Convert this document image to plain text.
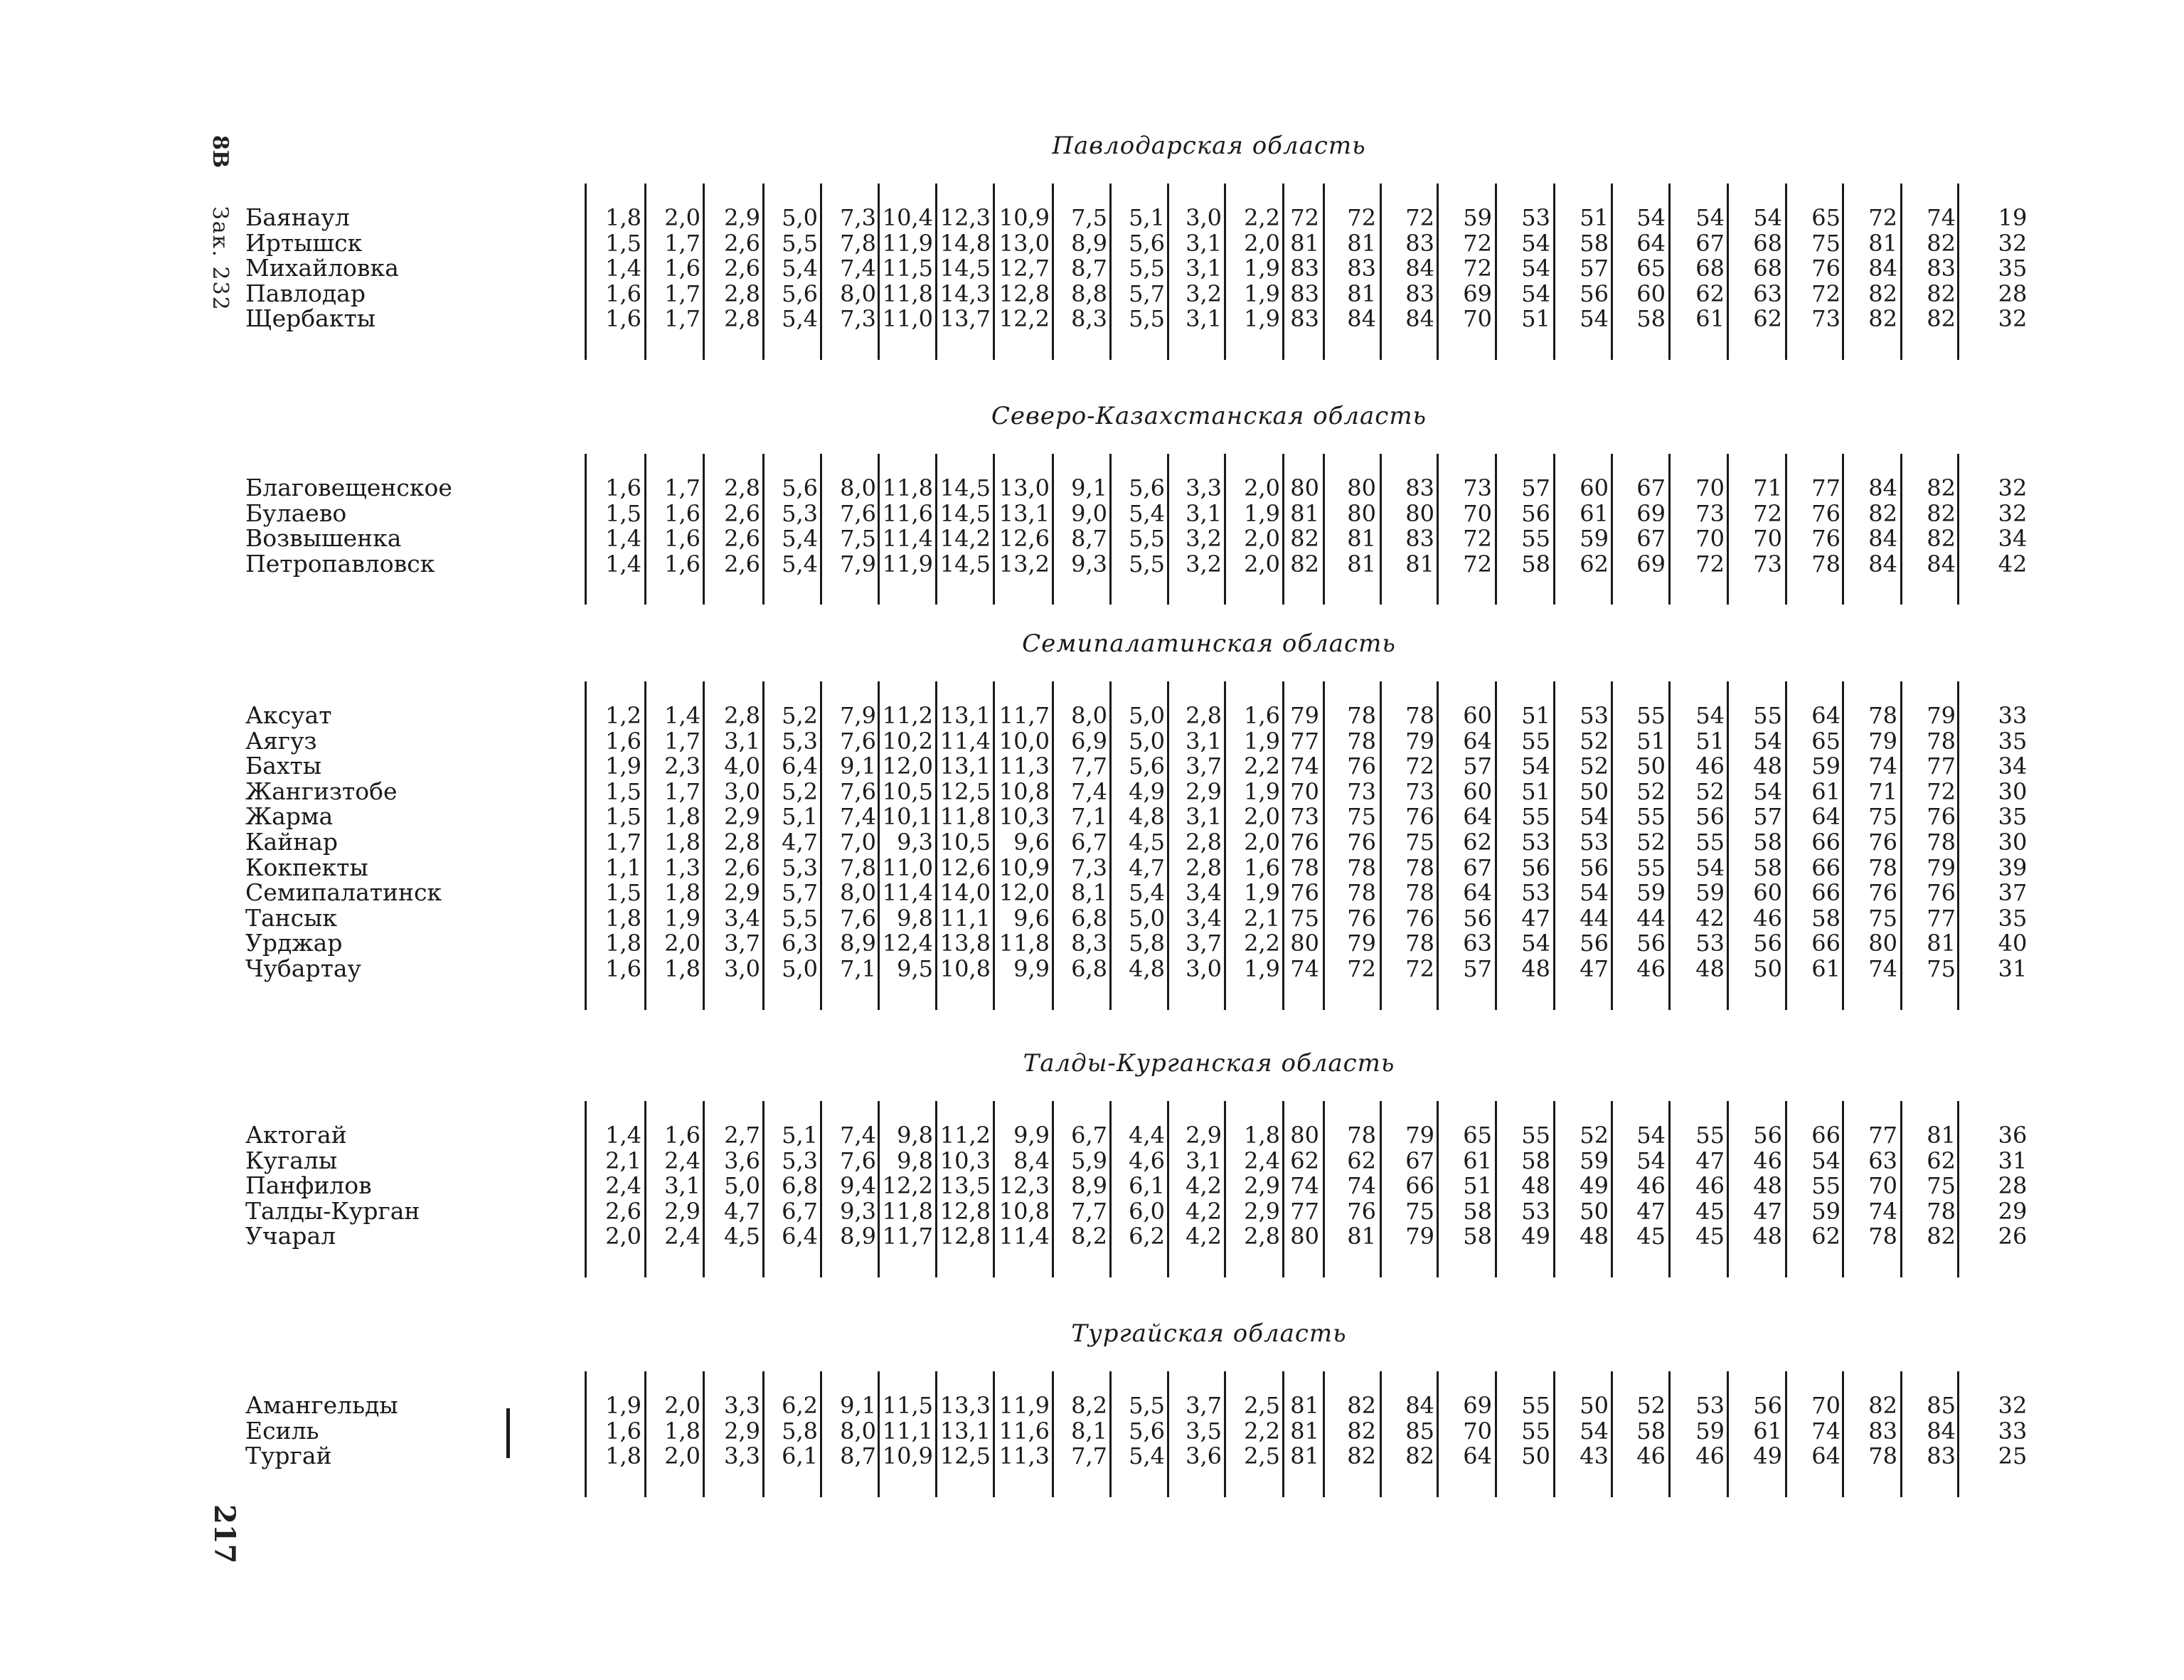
8В
Зак. 232
217
Павлодарская область
Баянаул	1,8	2,0	2,9 5,0 7,3 10,4 12,3 10,9 7,5 5,1 3,0 2,2 72	72	72	59	53	51	54	54	54	65	72	74	19
Иртышск	1,5	1,7	2,6 5,5 7,8 11,9 14,8 13,0 8,9 5,6 3,1 2,0 81	81	83	72	54	58	64	67	68	75	81	82	32
Михайловка	1,4	1,6	2,6 5,4 7,4 11,5 14,5 12,7 8,7 5,5 3,1 1,9 83	83	84	72	54	57	65	68	68	76	84	83	35
Павлодар	1,6	1,7	2,8 5,6 8,0 11,8 14,3 12,8 8,8 5,7 3,2 1,9 83	81	83	69	54	56	60	62	63	72	82	82	28
Щербакты	1,6	1,7	2,8 5,4 7,3 11,0 13,7 12,2 8,3 5,5 3,1 1,9 83	84	84	70	51	54	58	61	62	73	82	82	32
Северо-Казахстанская область
Благовещенское	1,6	1,7	2,8 5,6 8,0 11,8 14,5 13,0 9,1 5,6 3,3 2,0 80	80	83	73	57	60	67	70	71	77	84	82	32
Булаево	1,5	1,6	2,6 5,3 7,6 11,6 14,5 13,1 9,0 5,4 3,1 1,9 81	80	80	70	56	61	69	73	72	76	82	82	32
Возвышенка	1,4	1,6	2,6 5,4 7,5 11,4 14,2 12,6 8,7 5,5 3,2 2,0 82	81	83	72	55	59	67	70	70	76	84	82	34
Петропавловск	1,4	1,6	2,6 5,4 7,9 11,9 14,5 13,2 9,3 5,5 3,2 2,0 82	81	81	72	58	62	69	72	73	78	84	84	42
Семипалатинская область
Аксуат	1,2	1,4	2,8 5,2 7,9 11,2 13,1 11,7 8,0 5,0 2,8 1,6 79	78	78	60	51	53	55	54	55	64	78	79	33
Аягуз	1,6	1,7	3,1 5,3 7,6 10,2 11,4 10,0 6,9 5,0 3,1 1,9 77	78	79	64	55	52	51	51	54	65	79	78	35
Бахты	1,9	2,3	4,0 6,4 9,1 12,0 13,1 11,3 7,7 5,6 3,7 2,2 74	76	72	57	54	52	50	46	48	59	74	77	34
Жангизтобе	1,5	1,7	3,0 5,2 7,6 10,5 12,5 10,8 7,4 4,9 2,9 1,9 70	73	73	60	51	50	52	52	54	61	71	72	30
Жарма	1,5	1,8	2,9 5,1 7,4 10,1 11,8 10,3 7,1 4,8 3,1 2,0 73	75	76	64	55	54	55	56	57	64	75	76	35
Кайнар	1,7	1,8	2,8 4,7 7,0 9,3 10,5	9,6 6,7 4,5 2,8 2,0 76	76	75	62	53	53	52	55	58	66	76	78	30
Кокпекты	1,1	1,3	2,6 5,3 7,8 11,0 12,6 10,9 7,3 4,7 2,8 1,6 78	78	78	67	56	56	55	54	58	66	78	79	39
Семипалатинск	1,5	1,8	2,9 5,7 8,0 11,4 14,0 12,0 8,1 5,4 3,4 1,9 76	78	78	64	53	54	59	59	60	66	76	76	37
Тансык	1,8	1,9	3,4 5,5 7,6 9,8 11,1	9,6 6,8 5,0 3,4 2,1 75	76	76	56	47	44	44	42	46	58	75	77	35
Урджар	1,8	2,0	3,7 6,3 8,9 12,4 13,8 11,8 8,3 5,8 3,7 2,2 80	79	78	63	54	56	56	53	56	66	80	81	40
Чубартау	1,6	1,8	3,0 5,0 7,1 9,5 10,8	9,9 6,8 4,8 3,0 1,9 74	72	72	57	48	47	46	48	50	61	74	75	31
Талды-Курганская область
Актогай	1,4	1,6	2,7 5,1 7,4 9,8 11,2	9,9 6,7 4,4 2,9 1,8 80	78	79	65	55	52	54	55	56	66	77	81	36
Кугалы	2,1	2,4	3,6 5,3 7,6 9,8 10,3	8,4 5,9 4,6 3,1 2,4 62	62	67	61	58	59	54	47	46	54	63	62	31
Панфилов	2,4	3,1	5,0 6,8 9,4 12,2 13,5 12,3 8,9 6,1 4,2 2,9 74	74	66	51	48	49	46	46	48	55	70	75	28
Талды-Курган	2,6	2,9	4,7 6,7 9,3 11,8 12,8 10,8 7,7 6,0 4,2 2,9 77	76	75	58	53	50	47	45	47	59	74	78	29
Учарал	2,0	2,4	4,5 6,4 8,9 11,7 12,8 11,4 8,2 6,2 4,2 2,8 80	81	79	58	49	48	45	45	48	62	78	82	26
Тургайская область
Амангельды	1,9	2,0	3,3 6,2 9,1 11,5 13,3 11,9 8,2 5,5 3,7 2,5 81	82	84	69	55	50	52	53	56	70	82	85	32
Есиль	1,6	1,8	2,9 5,8 8,0 11,1 13,1 11,6 8,1 5,6 3,5 2,2 81	82	85	70	55	54	58	59	61	74	83	84	33
Тургай	1,8	2,0	3,3 6,1 8,7 10,9 12,5 11,3 7,7 5,4 3,6 2,5 81	82	82	64	50	43	46	46	49	64	78	83	25
